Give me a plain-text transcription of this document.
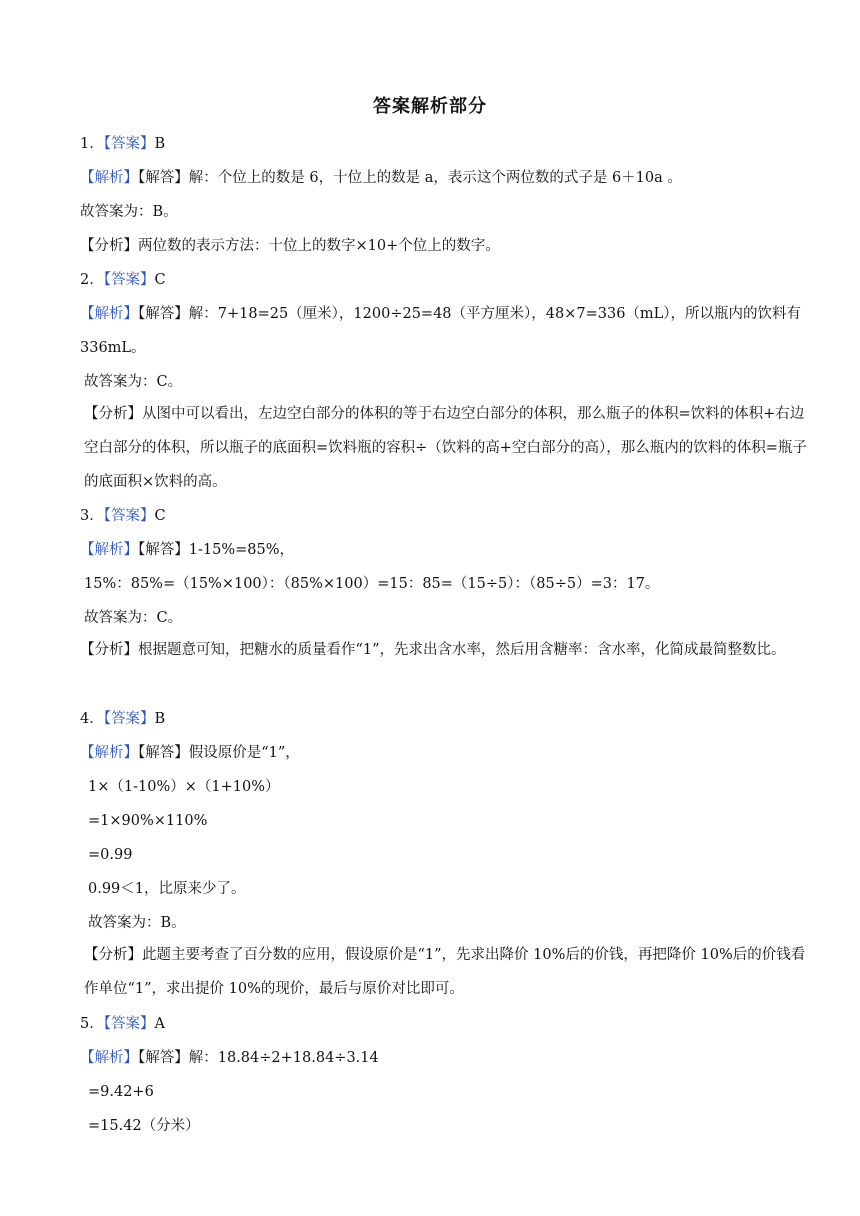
答案解析部分
1．【答案】B
【解析】【解答】解：个位上的数是 6，十位上的数是 a，表示这个两位数的式子是 6＋10a 。
故答案为：B。
【分析】两位数的表示方法：十位上的数字×10+个位上的数字。
2．【答案】C
【解析】【解答】解：7+18=25（厘米），1200÷25=48（平方厘米），48×7=336（mL），所以瓶内的饮料有 336mL。
故答案为：C。
【分析】从图中可以看出，左边空白部分的体积的等于右边空白部分的体积，那么瓶子的体积=饮料的体积+右边空白部分的体积，所以瓶子的底面积=饮料瓶的容积÷（饮料的高+空白部分的高），那么瓶内的饮料的体积=瓶子的底面积×饮料的高。
3．【答案】C
【解析】【解答】1-15%=85%，
15%：85%=（15%×100）：（85%×100）=15：85=（15÷5）：（85÷5）=3：17。
故答案为：C。
【分析】根据题意可知，把糖水的质量看作“1”，先求出含水率，然后用含糖率：含水率，化简成最简整数比。
4．【答案】B
【解析】【解答】假设原价是“1”，
1×（1-10%）×（1+10%）
=1×90%×110%
=0.99
0.99＜1，比原来少了。
故答案为：B。
【分析】此题主要考查了百分数的应用，假设原价是“1”，先求出降价 10%后的价钱，再把降价 10%后的价钱看作单位“1”，求出提价 10%的现价，最后与原价对比即可。
5．【答案】A
【解析】【解答】解：18.84÷2+18.84÷3.14
=9.42+6
=15.42（分米）
